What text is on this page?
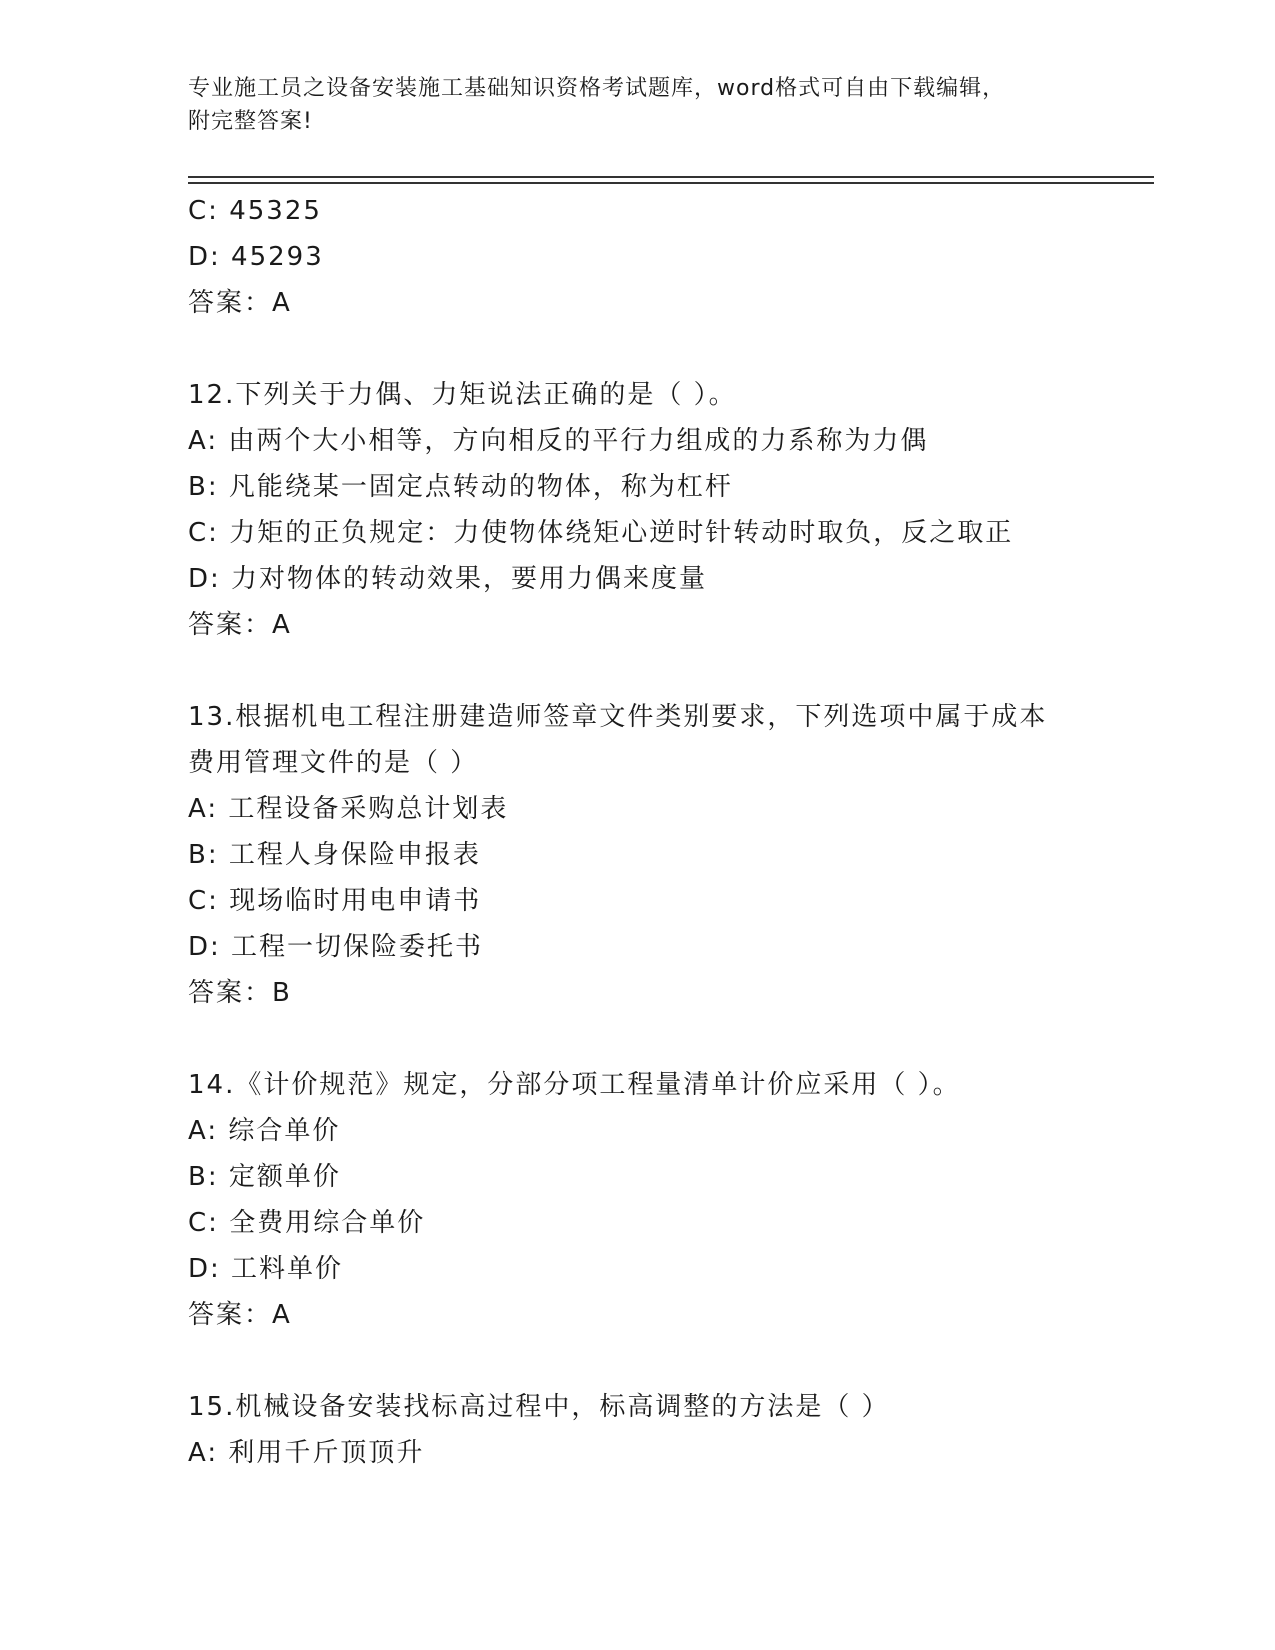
专业施工员之设备安装施工基础知识资格考试题库，word格式可自由下载编辑，
附完整答案!
C: 45325
D: 45293
答案：A
12.下列关于力偶、力矩说法正确的是（ ）。
A: 由两个大小相等，方向相反的平行力组成的力系称为力偶
B: 凡能绕某一固定点转动的物体，称为杠杆
C: 力矩的正负规定：力使物体绕矩心逆时针转动时取负，反之取正
D: 力对物体的转动效果，要用力偶来度量
答案：A
13.根据机电工程注册建造师签章文件类别要求，下列选项中属于成本
费用管理文件的是（ ）
A: 工程设备采购总计划表
B: 工程人身保险申报表
C: 现场临时用电申请书
D: 工程一切保险委托书
答案：B
14.《计价规范》规定，分部分项工程量清单计价应采用（ ）。
A: 综合单价
B: 定额单价
C: 全费用综合单价
D: 工料单价
答案：A
15.机械设备安装找标高过程中，标高调整的方法是（ ）
A: 利用千斤顶顶升
